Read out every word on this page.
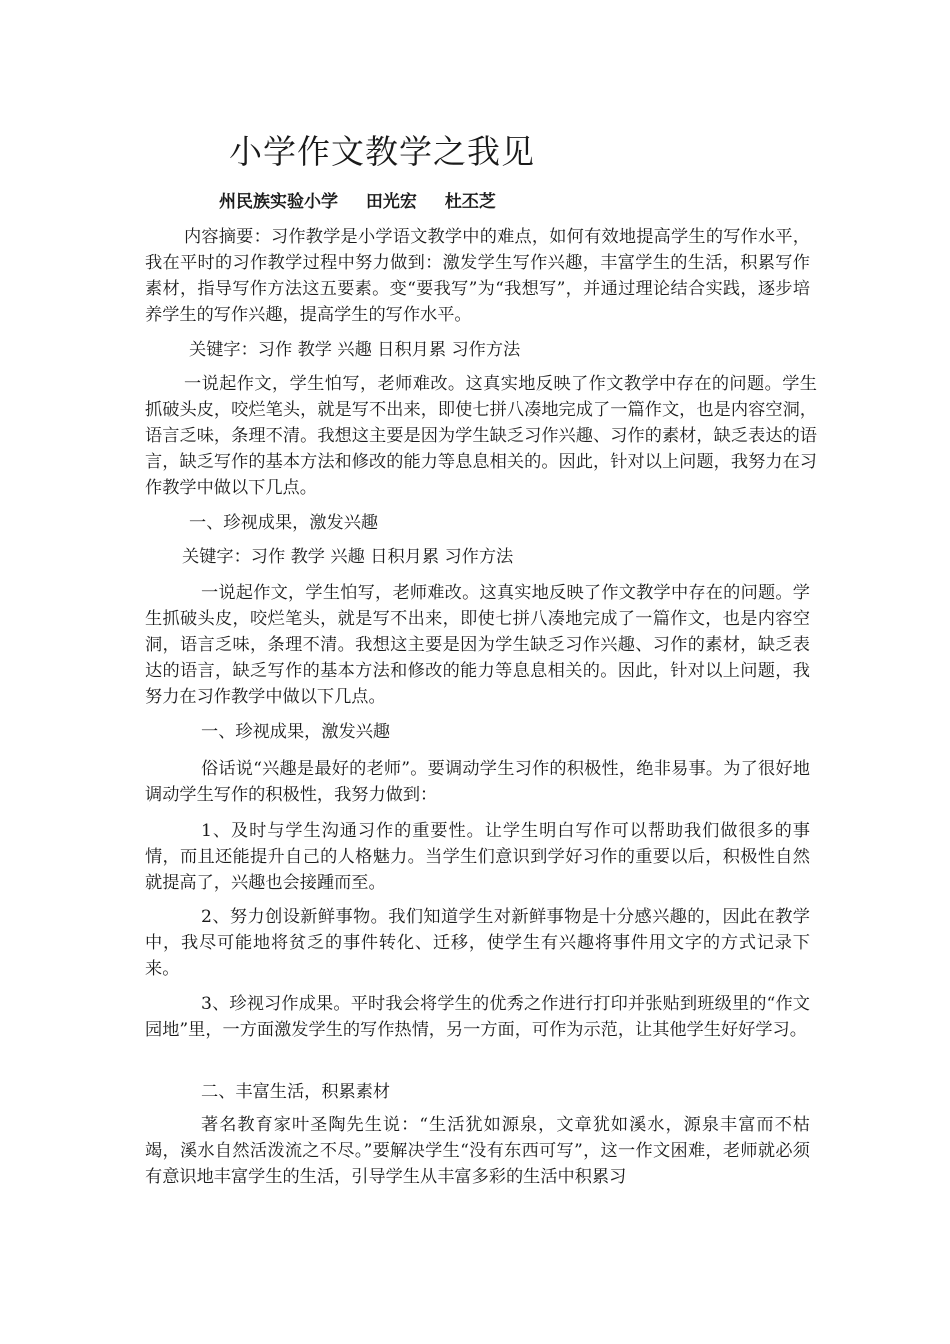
小学作文教学之我见
州民族实验小学 田光宏 杜丕芝

内容摘要：习作教学是小学语文教学中的难点，如何有效地提高学生的写作水平，我在平时的习作教学过程中努力做到：激发学生写作兴趣，丰富学生的生活，积累写作素材，指导写作方法这五要素。变“要我写”为“我想写”，并通过理论结合实践，逐步培养学生的写作兴趣，提高学生的写作水平。

关键字：习作 教学 兴趣 日积月累 习作方法

一说起作文，学生怕写，老师难改。这真实地反映了作文教学中存在的问题。学生抓破头皮，咬烂笔头，就是写不出来，即使七拼八凑地完成了一篇作文，也是内容空洞，语言乏味，条理不清。我想这主要是因为学生缺乏习作兴趣、习作的素材，缺乏表达的语言，缺乏写作的基本方法和修改的能力等息息相关的。因此，针对以上问题，我努力在习作教学中做以下几点。

一、珍视成果，激发兴趣

关键字：习作 教学 兴趣 日积月累 习作方法

一说起作文，学生怕写，老师难改。这真实地反映了作文教学中存在的问题。学生抓破头皮，咬烂笔头，就是写不出来，即使七拼八凑地完成了一篇作文，也是内容空洞，语言乏味，条理不清。我想这主要是因为学生缺乏习作兴趣、习作的素材，缺乏表达的语言，缺乏写作的基本方法和修改的能力等息息相关的。因此，针对以上问题，我努力在习作教学中做以下几点。

一、珍视成果，激发兴趣

俗话说“兴趣是最好的老师”。要调动学生习作的积极性，绝非易事。为了很好地调动学生写作的积极性，我努力做到：

1、及时与学生沟通习作的重要性。让学生明白写作可以帮助我们做很多的事情，而且还能提升自己的人格魅力。当学生们意识到学好习作的重要以后，积极性自然就提高了，兴趣也会接踵而至。

2、努力创设新鲜事物。我们知道学生对新鲜事物是十分感兴趣的，因此在教学中，我尽可能地将贫乏的事件转化、迁移，使学生有兴趣将事件用文字的方式记录下来。

3、珍视习作成果。平时我会将学生的优秀之作进行打印并张贴到班级里的“作文园地”里，一方面激发学生的写作热情，另一方面，可作为示范，让其他学生好好学习。

二、丰富生活，积累素材

著名教育家叶圣陶先生说：“生活犹如源泉，文章犹如溪水，源泉丰富而不枯竭，溪水自然活泼流之不尽。”要解决学生“没有东西可写”，这一作文困难，老师就必须有意识地丰富学生的生活，引导学生从丰富多彩的生活中积累习
